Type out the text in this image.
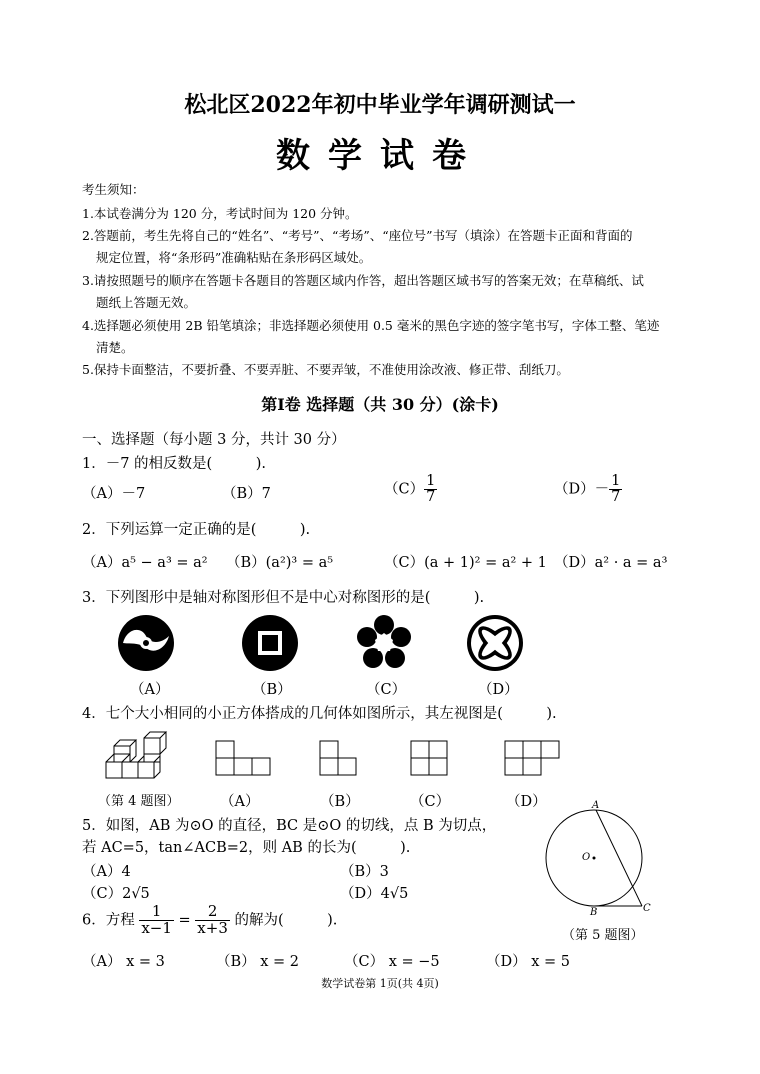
松北区2022年初中毕业学年调研测试一
数学试卷
考生须知：
1.本试卷满分为 120 分，考试时间为 120 分钟。
2.答题前，考生先将自己的“姓名”、“考号”、“考场”、“座位号”书写（填涂）在答题卡正面和背面的
规定位置，将“条形码”准确粘贴在条形码区域处。
3.请按照题号的顺序在答题卡各题目的答题区域内作答，超出答题区域书写的答案无效；在草稿纸、试
题纸上答题无效。
4.选择题必须使用 2B 铅笔填涂；非选择题必须使用 0.5 毫米的黑色字迹的签字笔书写，字体工整、笔迹
清楚。
5.保持卡面整洁，不要折叠、不要弄脏、不要弄皱，不准使用涂改液、修正带、刮纸刀。
第Ⅰ卷 选择题（共 30 分）(涂卡)
一、选择题（每小题 3 分，共计 30 分）
1．－7 的相反数是(　　　).
（A）－7	（B）7	$(C) \frac{1}{7}$	$(D)- \frac{1}{7}$
2．下列运算一定正确的是(　　　).
（A）a⁵ − a³ = a² （B）(a²)³ = a⁵	（C）(a + 1)² = a² + 1 （D）a² · a = a³
3．下列图形中是轴对称图形但不是中心对称图形的是(　　　).
（A）	（B）	（C）	（D）
4．七个大小相同的小正方体搭成的几何体如图所示，其左视图是(　　　).
（第 4 题图）	（A）	（B）	（C）	（D）
5．如图，AB 为⊙O 的直径，BC 是⊙O 的切线，点 B 为切点，
若 AC=5，tan∠ACB=2，则 AB 的长为(　　　).
（A）4	（B）3
（C）2√5	（D）4√5
A
O
B	C
（第 5 题图）
6．方程 $\frac{1}{x-1} = \frac{2}{x+3}$ 的解为(　　　).
（A） x = 3	（B） x = 2	（C） x = −5	（D） x = 5
数学试卷第 1页(共 4页)
